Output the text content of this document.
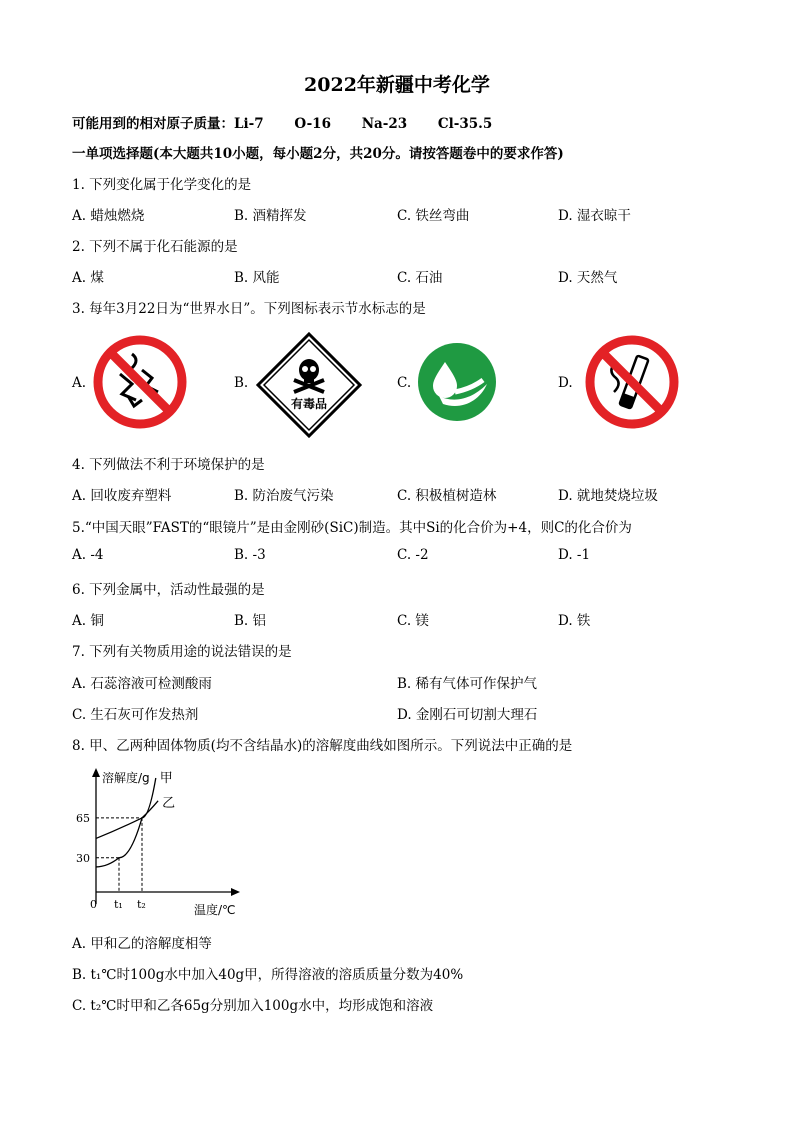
2022年新疆中考化学
可能用到的相对原子质量：Li-7 O-16 Na-23 Cl-35.5
一单项选择题(本大题共10小题，每小题2分，共20分。请按答题卷中的要求作答)
1. 下列变化属于化学变化的是
A. 蜡烛燃烧	B. 酒精挥发	C. 铁丝弯曲	D. 湿衣晾干
2. 下列不属于化石能源的是
A. 煤	B. 风能	C. 石油	D. 天然气
3. 每年3月22日为“世界水日”。下列图标表示节水标志的是
A.	B.
有毒品
C.	D.
4. 下列做法不利于环境保护的是
A. 回收废弃塑料	B. 防治废气污染	C. 积极植树造林	D. 就地焚烧垃圾
5.“中国天眼”FAST的“眼镜片”是由金刚砂(SiC)制造。其中Si的化合价为+4，则C的化合价为
A. -4	B. -3	C. -2	D. -1
6. 下列金属中，活动性最强的是
A. 铜	B. 铝	C. 镁	D. 铁
7. 下列有关物质用途的说法错误的是
A. 石蕊溶液可检测酸雨	B. 稀有气体可作保护气
C. 生石灰可作发热剂	D. 金刚石可切割大理石
8. 甲、乙两种固体物质(均不含结晶水)的溶解度曲线如图所示。下列说法中正确的是
溶解度/g
温度/℃
0
30
65
t₁ t₂
甲
乙
A. 甲和乙的溶解度相等
B. t₁℃时100g水中加入40g甲，所得溶液的溶质质量分数为40%
C. t₂℃时甲和乙各65g分别加入100g水中，均形成饱和溶液
